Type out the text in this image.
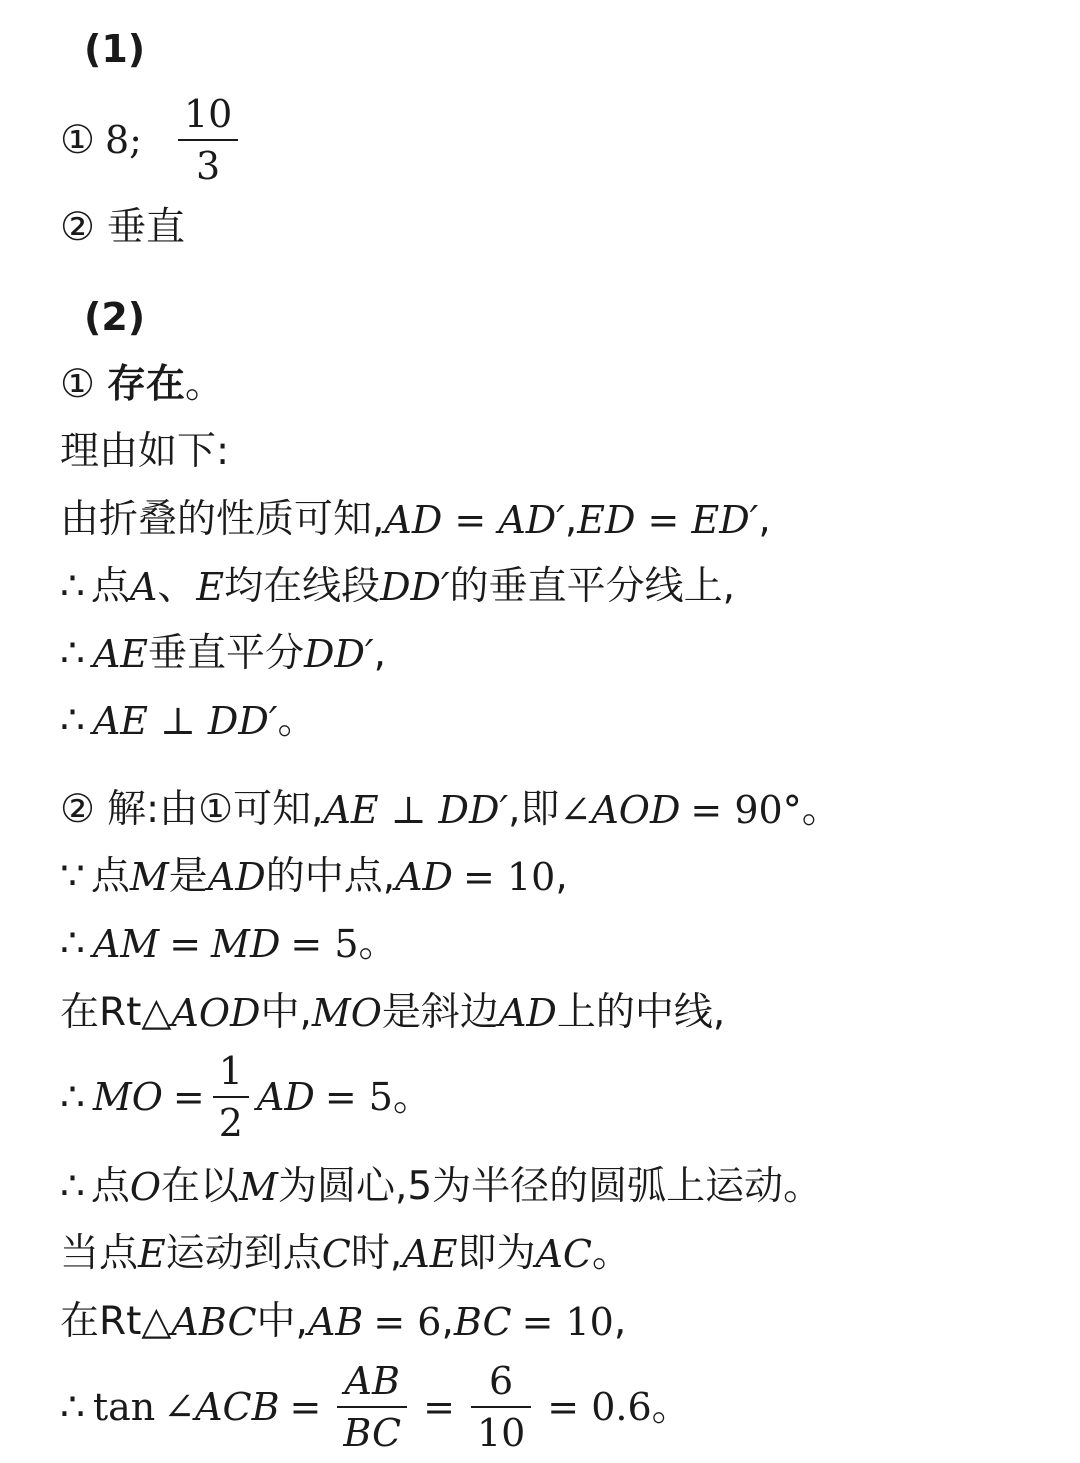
(1)
① 8; $\frac{10}{3}$
② 垂直
(2)
① 存在 。
理由如下:
由折叠的性质可知, AD = AD′ , ED = ED′ ,
∴ 点 A 、 E 均在线段 DD′ 的垂直平分线上,
∴ AE 垂直平分 DD′ ,
∴ AE ⊥ DD′ 。
② 解:由①可知, AE ⊥ DD′ ,即 ∠AOD = 90° 。
∵ 点 M 是 AD 的中点, AD = 10 ,
∴ AM = MD = 5 。
在Rt△ AOD 中, MO 是斜边 AD 上的中线,
∴ MO = $\frac{1}{2}$ AD = 5 。
∴ 点 O 在以 M 为圆心,5为半径的圆弧上运动。
当点 E 运动到点 C 时, AE 即为 AC 。
在Rt△ ABC 中, AB = 6 , BC = 10 ,
∴ tan ∠ACB = $\frac{AB}{BC} = \frac{6}{10} = 0.6$ 。
